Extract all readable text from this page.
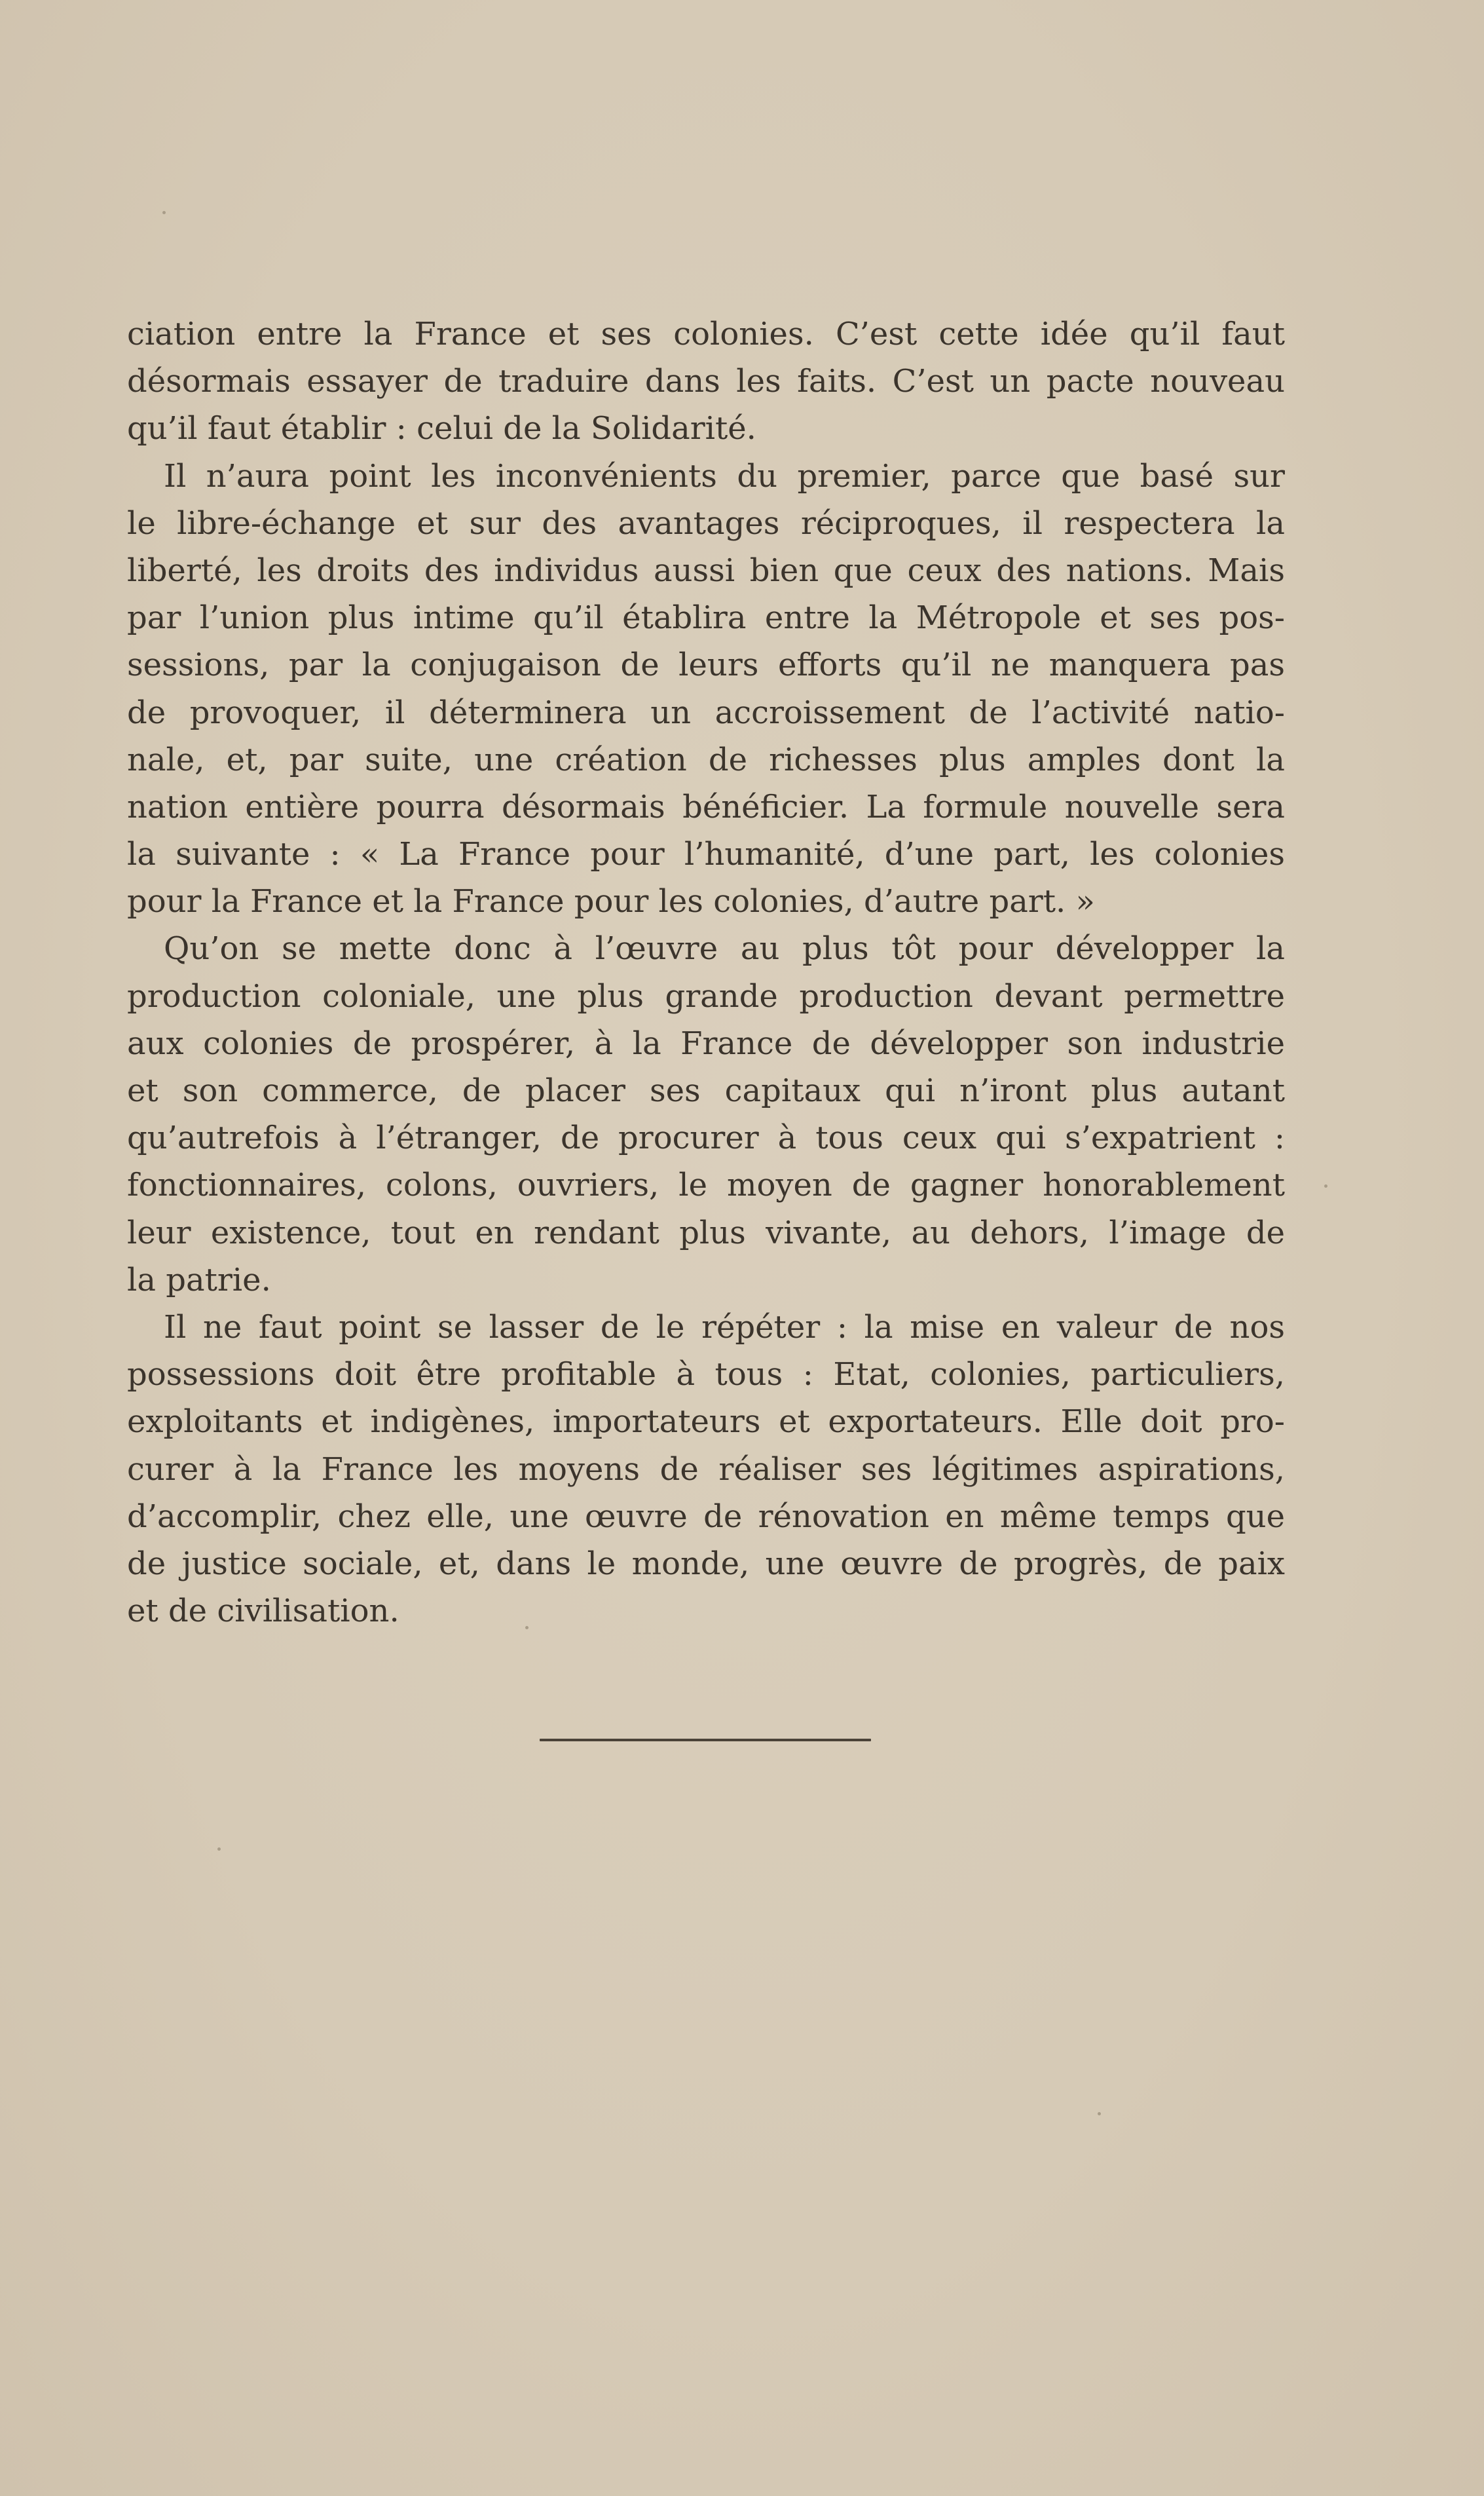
ciation entre la France et ses colonies. C’est cette idée qu’il faut
désormais essayer de traduire dans les faits. C’est un pacte nouveau
qu’il faut établir : celui de la Solidarité.
Il n’aura point les inconvénients du premier, parce que basé sur
le libre-échange et sur des avantages réciproques, il respectera la
liberté, les droits des individus aussi bien que ceux des nations. Mais
par l’union plus intime qu’il établira entre la Métropole et ses pos-
sessions, par la conjugaison de leurs efforts qu’il ne manquera pas
de provoquer, il déterminera un accroissement de l’activité natio-
nale, et, par suite, une création de richesses plus amples dont la
nation entière pourra désormais bénéficier. La formule nouvelle sera
la suivante : « La France pour l’humanité, d’une part, les colonies
pour la France et la France pour les colonies, d’autre part. »
Qu’on se mette donc à l’œuvre au plus tôt pour développer la
production coloniale, une plus grande production devant permettre
aux colonies de prospérer, à la France de développer son industrie
et son commerce, de placer ses capitaux qui n’iront plus autant
qu’autrefois à l’étranger, de procurer à tous ceux qui s’expatrient :
fonctionnaires, colons, ouvriers, le moyen de gagner honorablement
leur existence, tout en rendant plus vivante, au dehors, l’image de
la patrie.
Il ne faut point se lasser de le répéter : la mise en valeur de nos
possessions doit être profitable à tous : Etat, colonies, particuliers,
exploitants et indigènes, importateurs et exportateurs. Elle doit pro-
curer à la France les moyens de réaliser ses légitimes aspirations,
d’accomplir, chez elle, une œuvre de rénovation en même temps que
de justice sociale, et, dans le monde, une œuvre de progrès, de paix
et de civilisation.
